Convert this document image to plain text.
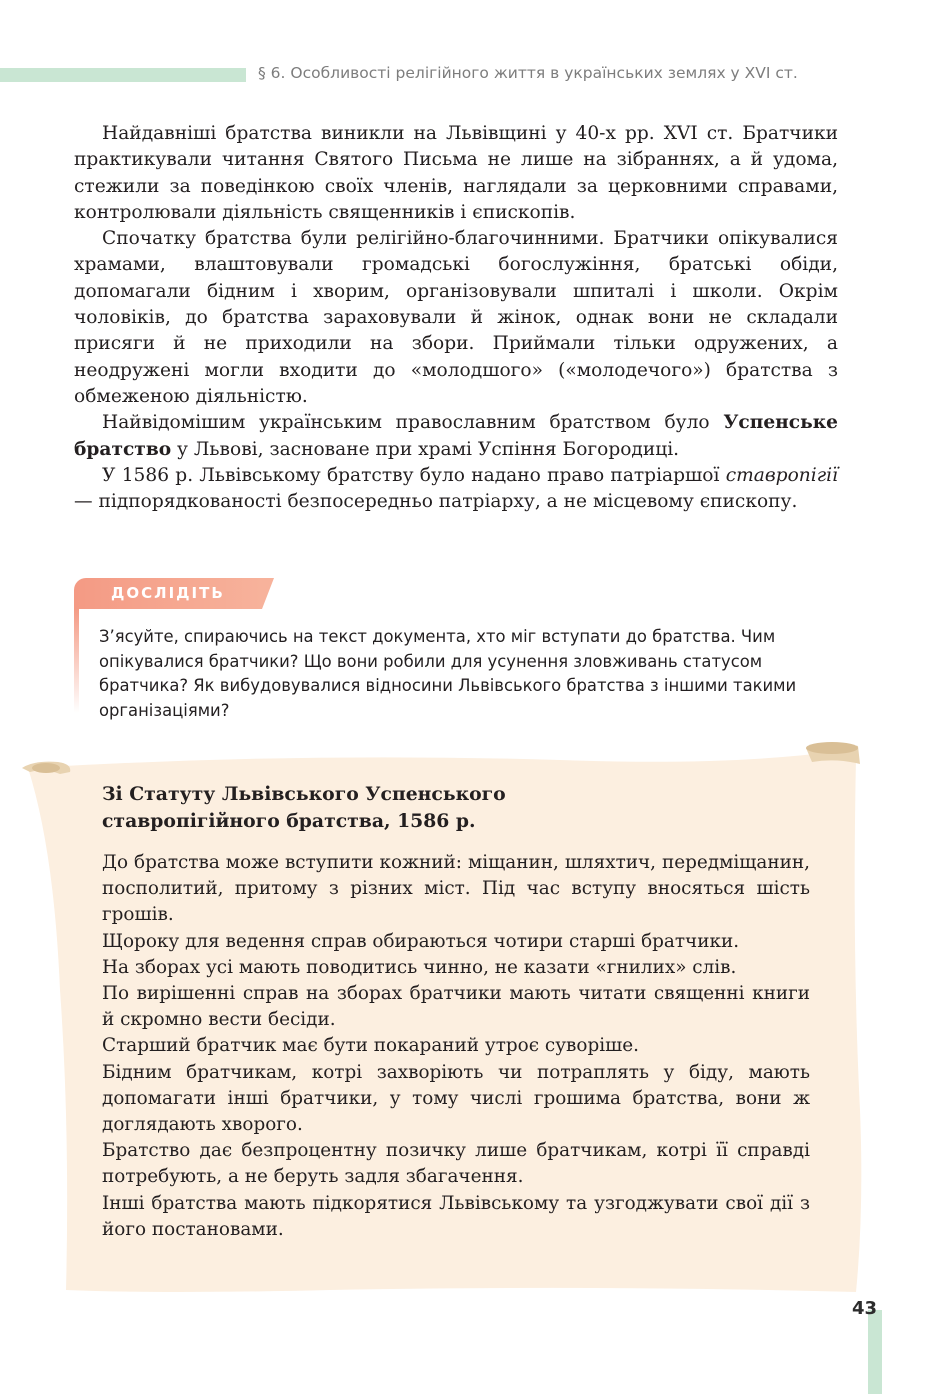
§ 6. Особливості релігійного життя в українських землях у XVI ст.

Найдавніші братства виникли на Львівщині у 40-х рр. XVI ст. Братчики практикували читання Святого Письма не лише на зібраннях, а й удома, стежили за поведінкою своїх членів, наглядали за церковними справами, контролювали діяльність священників і єпископів.

Спочатку братства були релігійно-благочинними. Братчики опікувалися храмами, влаштовували громадські богослужіння, братські обіди, допомагали бідним і хворим, організовували шпиталі і школи. Окрім чоловіків, до братства зараховували й жінок, однак вони не складали присяги й не приходили на збори. Приймали тільки одружених, а неодружені могли входити до «молодшого» («молодечого») братства з обмеженою діяльністю.

Найвідомішим українським православним братством було Успенське братство у Львові, засноване при храмі Успіння Богородиці.

У 1586 р. Львівському братству було надано право патріаршої ставропігії — підпорядкованості безпосередньо патріарху, а не місцевому єпископу.

ДОСЛІДІТЬ
З’ясуйте, спираючись на текст документа, хто міг вступати до братства. Чим опікувалися братчики? Що вони робили для усунення зловживань статусом братчика? Як вибудовувалися відносини Львівського братства з іншими такими організаціями?
Зі Статуту Львівського Успенського
ставропігійного братства, 1586 р.

До братства може вступити кожний: міщанин, шляхтич, передміщанин, посполитий, притому з різних міст. Під час вступу вносяться шість грошів.

Щороку для ведення справ обираються чотири старші братчики.

На зборах усі мають поводитись чинно, не казати «гнилих» слів.

По вирішенні справ на зборах братчики мають читати священні книги й скромно вести бесіди.

Старший братчик має бути покараний утроє суворіше.

Бідним братчикам, котрі захворіють чи потраплять у біду, мають допомагати інші братчики, у тому числі грошима братства, вони ж доглядають хворого.

Братство дає безпроцентну позичку лише братчикам, котрі її справді потребують, а не беруть задля збагачення.

Інші братства мають підкорятися Львівському та узгоджувати свої дії з його постановами.

43
